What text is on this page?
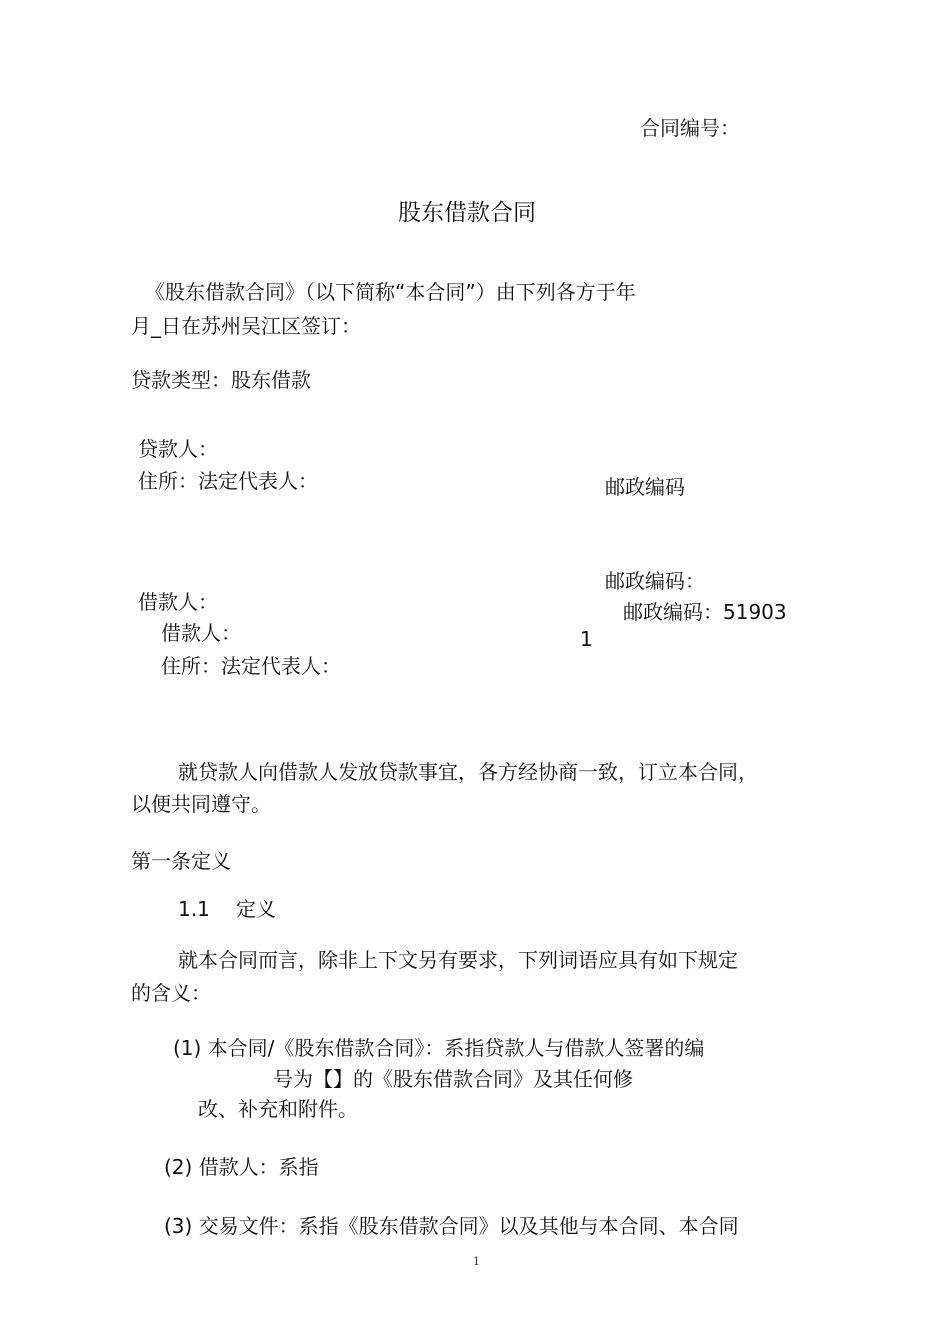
合同编号：

股东借款合同

《股东借款合同》（以下简称“本合同”）由下列各方于年

月_日在苏州吴江区签订：

贷款类型：股东借款

贷款人：

住所：法定代表人：	邮政编码

邮政编码：

借款人：	邮政编码：51903

借款人：	1

住所：法定代表人：

就贷款人向借款人发放贷款事宜，各方经协商一致，订立本合同，

以便共同遵守。

第一条定义

1.1 定义

就本合同而言，除非上下文另有要求，下列词语应具有如下规定

的含义：

(1) 本合同/《股东借款合同》：系指贷款人与借款人签署的编

号为【】的《股东借款合同》及其任何修

改、补充和附件。

(2) 借款人：系指

(3) 交易文件：系指《股东借款合同》以及其他与本合同、本合同

1
